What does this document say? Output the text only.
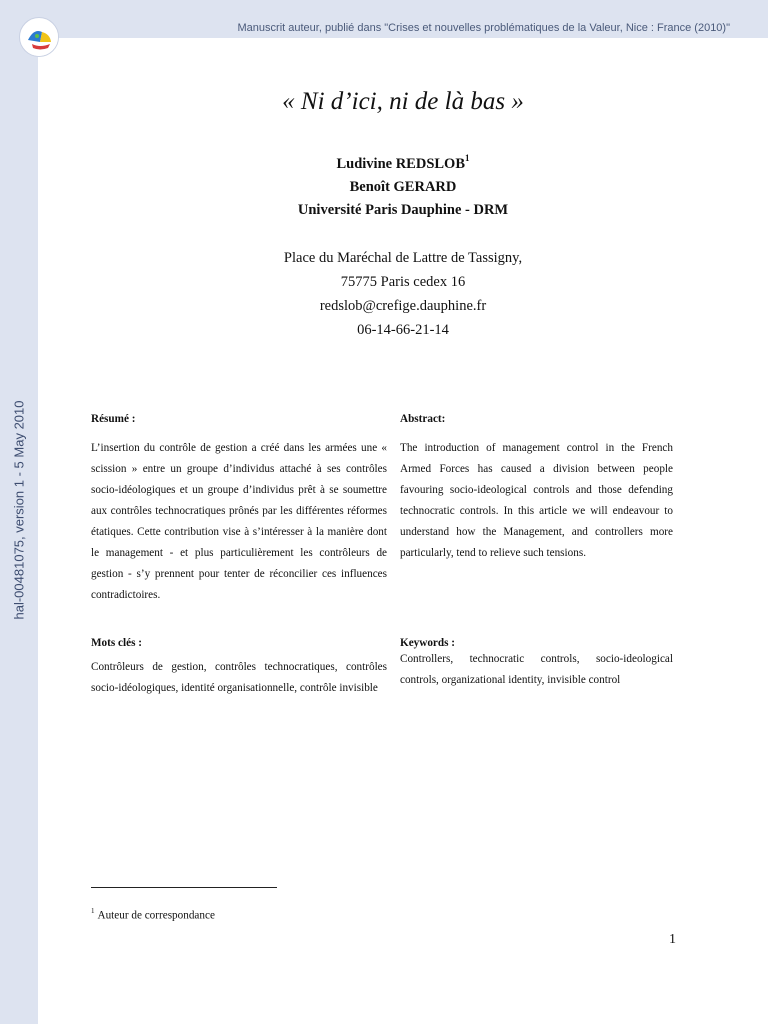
Manuscrit auteur, publié dans "Crises et nouvelles problématiques de la Valeur, Nice : France (2010)"
hal-00481075, version 1 - 5 May 2010
« Ni d’ici, ni de là bas »
Ludivine REDSLOB$^1$
Benoît GERARD
Université Paris Dauphine - DRM
Place du Maréchal de Lattre de Tassigny,
75775 Paris cedex 16
redslob@crefige.dauphine.fr
06-14-66-21-14
Résumé :
L’insertion du contrôle de gestion a créé dans les armées une « scission » entre un groupe d’individus attaché à ses contrôles socio-idéologiques et un groupe d’individus prêt à se soumettre aux contrôles technocratiques prônés par les différentes réformes étatiques. Cette contribution vise à s’intéresser à la manière dont le management - et plus particulièrement les contrôleurs de gestion - s’y prennent pour tenter de réconcilier ces influences contradictoires.
Abstract:
The introduction of management control in the French Armed Forces has caused a division between people favouring socio-ideological controls and those defending technocratic controls. In this article we will endeavour to understand how the Management, and controllers more particularly, tend to relieve such tensions.
Mots clés :
Contrôleurs de gestion, contrôles technocratiques, contrôles socio-idéologiques, identité organisationnelle, contrôle invisible
Keywords :
Controllers, technocratic controls, socio-ideological controls, organizational identity, invisible control
$^1$ Auteur de correspondance
1
